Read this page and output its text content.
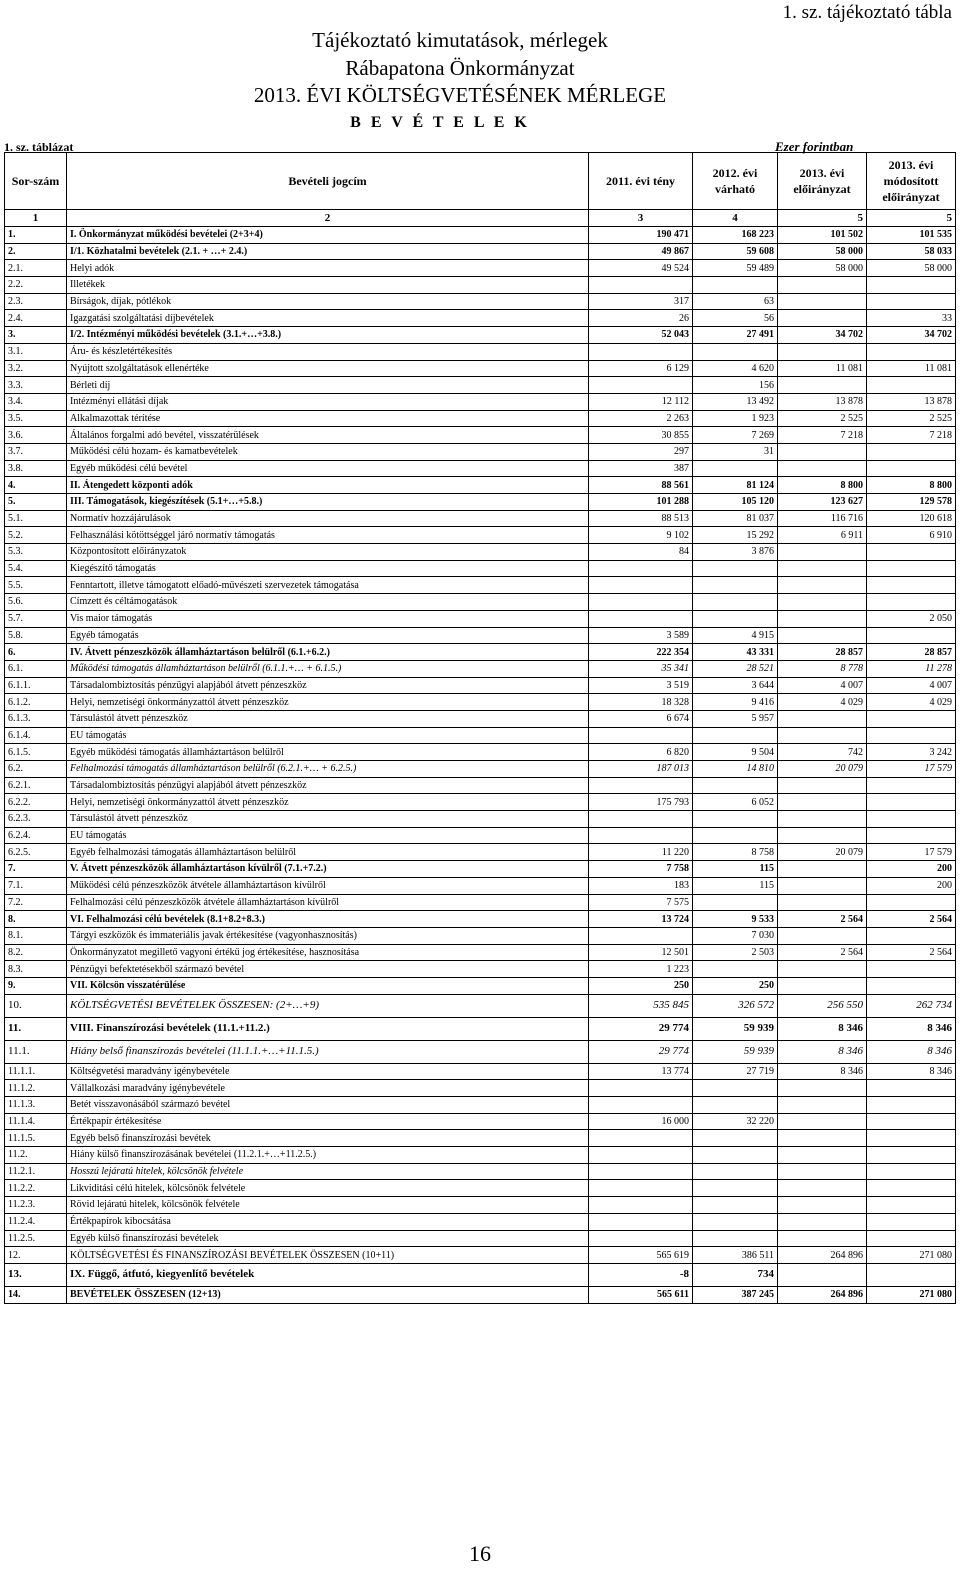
1. sz. tájékoztató tábla
Tájékoztató kimutatások, mérlegek
Rábapatona Önkormányzat
2013. ÉVI KÖLTSÉGVETÉSÉNEK MÉRLEGE
B E V É T E L E K
1. sz. táblázat	Ezer forintban
Sor-szám	Bevételi jogcím	2011. évi tény	2012. évi várható	2013. évi előirányzat	2013. évi módosított előirányzat
1	2	3	4	5	5
1.	I. Önkormányzat működési bevételei (2+3+4)	190 471	168 223	101 502	101 535
2.	I/1. Közhatalmi bevételek (2.1. + …+ 2.4.)	49 867	59 608	58 000	58 033
2.1.	Helyi adók	49 524	59 489	58 000	58 000
2.2.	Illetékek				
2.3.	Bírságok, díjak, pótlékok	317	63		
2.4.	Igazgatási szolgáltatási díjbevételek	26	56		33
3.	I/2. Intézményi működési bevételek (3.1.+…+3.8.)	52 043	27 491	34 702	34 702
3.1.	Áru- és készletértékesítés				
3.2.	Nyújtott szolgáltatások ellenértéke	6 129	4 620	11 081	11 081
3.3.	Bérleti díj		156		
3.4.	Intézményi ellátási díjak	12 112	13 492	13 878	13 878
3.5.	Alkalmazottak térítése	2 263	1 923	2 525	2 525
3.6.	Általános forgalmi adó bevétel, visszatérülések	30 855	7 269	7 218	7 218
3.7.	Működési célú hozam- és kamatbevételek	297	31		
3.8.	Egyéb működési célú bevétel	387			
4.	II. Átengedett központi adók	88 561	81 124	8 800	8 800
5.	III. Támogatások, kiegészítések (5.1+…+5.8.)	101 288	105 120	123 627	129 578
5.1.	Normatív hozzájárulások	88 513	81 037	116 716	120 618
5.2.	Felhasználási kötöttséggel járó normatív támogatás	9 102	15 292	6 911	6 910
5.3.	Központosított előirányzatok	84	3 876		
5.4.	Kiegészítő támogatás				
5.5.	Fenntartott, illetve támogatott előadó-művészeti szervezetek támogatása				
5.6.	Címzett és céltámogatások				
5.7.	Vis maior támogatás				2 050
5.8.	Egyéb támogatás	3 589	4 915		
6.	IV. Átvett pénzeszközök államháztartáson belülről (6.1.+6.2.)	222 354	43 331	28 857	28 857
6.1.	Működési támogatás államháztartáson belülről (6.1.1.+… + 6.1.5.)	35 341	28 521	8 778	11 278
6.1.1.	Társadalombiztosítás pénzügyi alapjából átvett pénzeszköz	3 519	3 644	4 007	4 007
6.1.2.	Helyi, nemzetiségi önkormányzattól átvett pénzeszköz	18 328	9 416	4 029	4 029
6.1.3.	Társulástól átvett pénzeszköz	6 674	5 957		
6.1.4.	EU támogatás				
6.1.5.	Egyéb működési támogatás államháztartáson belülről	6 820	9 504	742	3 242
6.2.	Felhalmozási támogatás államháztartáson belülről (6.2.1.+… + 6.2.5.)	187 013	14 810	20 079	17 579
6.2.1.	Társadalombiztosítás pénzügyi alapjából átvett pénzeszköz				
6.2.2.	Helyi, nemzetiségi önkormányzattól átvett pénzeszköz	175 793	6 052		
6.2.3.	Társulástól átvett pénzeszköz				
6.2.4.	EU támogatás				
6.2.5.	Egyéb felhalmozási támogatás államháztartáson belülről	11 220	8 758	20 079	17 579
7.	V. Átvett pénzeszközök államháztartáson kívülről (7.1.+7.2.)	7 758	115		200
7.1.	Működési célú pénzeszközök átvétele államháztartáson kívülről	183	115		200
7.2.	Felhalmozási célú pénzeszközök átvétele államháztartáson kívülről	7 575			
8.	VI. Felhalmozási célú bevételek (8.1+8.2+8.3.)	13 724	9 533	2 564	2 564
8.1.	Tárgyi eszközök és immateriális javak értékesítése (vagyonhasznosítás)		7 030		
8.2.	Önkormányzatot megillető vagyoni értékű jog értékesítése, hasznosítása	12 501	2 503	2 564	2 564
8.3.	Pénzügyi befektetésekből származó bevétel	1 223			
9.	VII. Kölcsön visszatérülése	250	250		
10.	KÖLTSÉGVETÉSI BEVÉTELEK ÖSSZESEN: (2+…+9)	535 845	326 572	256 550	262 734
11.	VIII. Finanszírozási bevételek (11.1.+11.2.)	29 774	59 939	8 346	8 346
11.1.	Hiány belső finanszírozás bevételei (11.1.1.+…+11.1.5.)	29 774	59 939	8 346	8 346
11.1.1.	Költségvetési maradvány igénybevétele	13 774	27 719	8 346	8 346
11.1.2.	Vállalkozási maradvány igénybevétele				
11.1.3.	Betét visszavonásából származó bevétel				
11.1.4.	Értékpapír értékesítése	16 000	32 220		
11.1.5.	Egyéb belső finanszírozási bevétek				
11.2.	Hiány külső finanszírozásának bevételei (11.2.1.+…+11.2.5.)				
11.2.1.	Hosszú lejáratú hitelek, kölcsönök felvétele				
11.2.2.	Likviditási célú hitelek, kölcsönök felvétele				
11.2.3.	Rövid lejáratú hitelek, kölcsönök felvétele				
11.2.4.	Értékpapírok kibocsátása				
11.2.5.	Egyéb külső finanszírozási bevételek				
12.	KÖLTSÉGVETÉSI ÉS FINANSZÍROZÁSI BEVÉTELEK ÖSSZESEN (10+11)	565 619	386 511	264 896	271 080
13.	IX. Függő, átfutó, kiegyenlítő bevételek	-8	734		
14.	BEVÉTELEK ÖSSZESEN (12+13)	565 611	387 245	264 896	271 080
16
